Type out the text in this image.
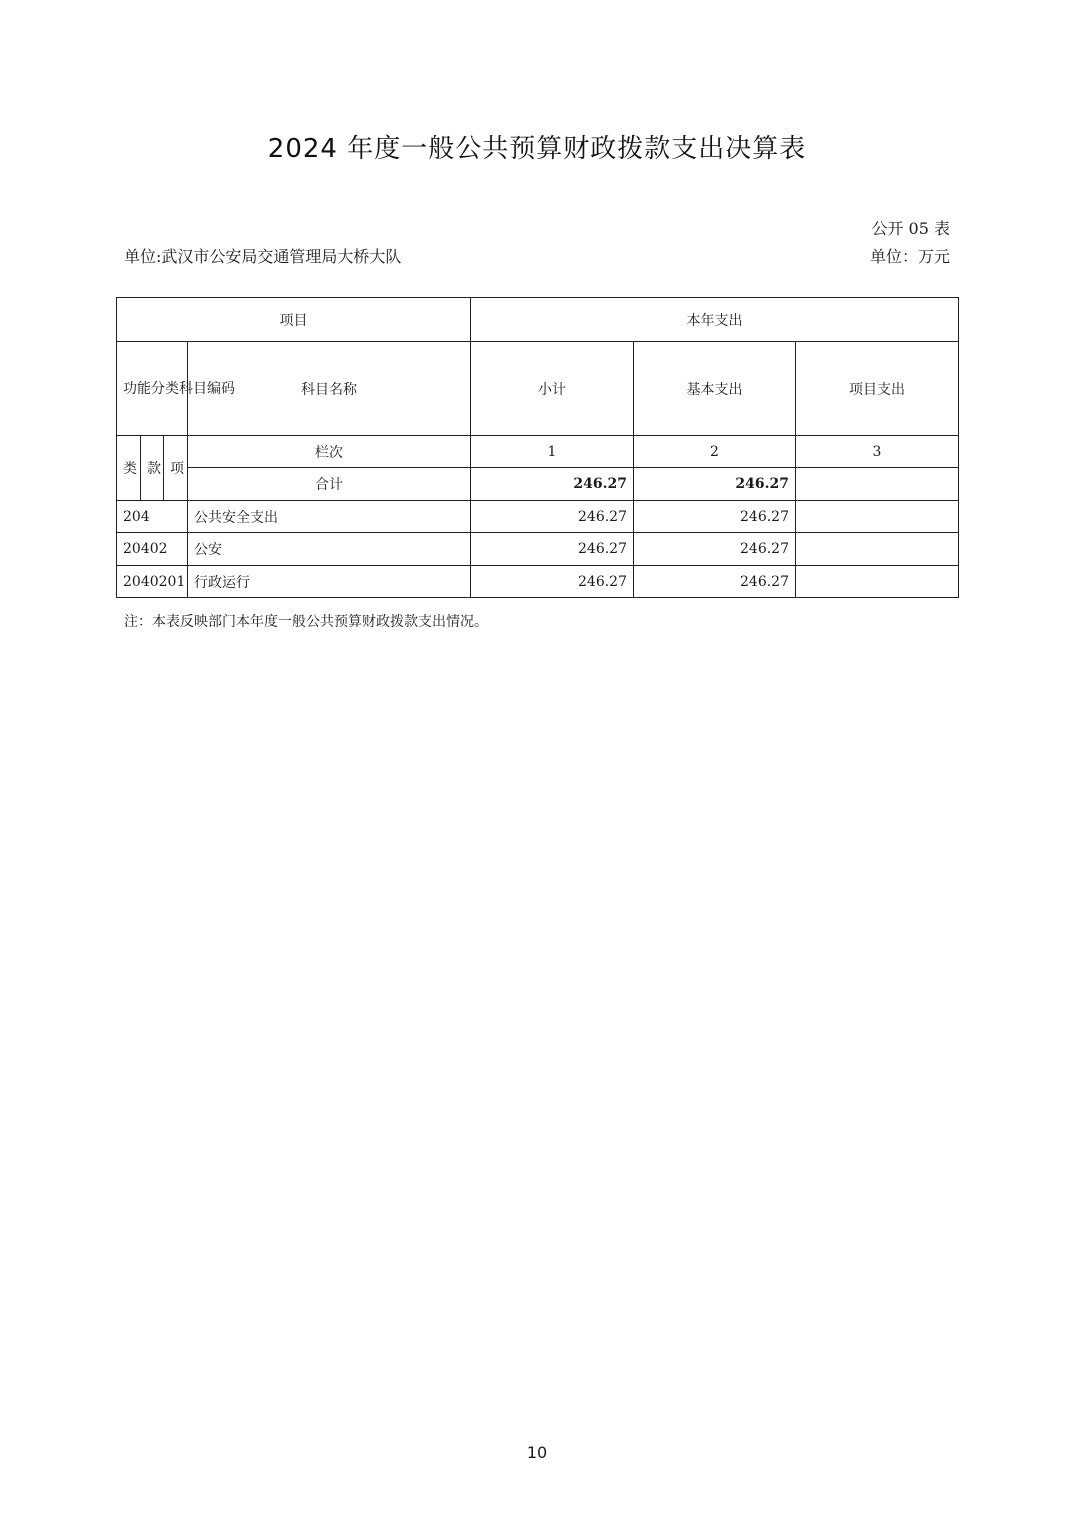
2024 年度一般公共预算财政拨款支出决算表
公开 05 表
单位:武汉市公安局交通管理局大桥大队	单位：万元
项目				本年支出		
功能分类科目编码			科目名称	小计	基本支出	项目支出
类	款	项	栏次	1	2	3
			合计	246.27	246.27	
204			公共安全支出	246.27	246.27	
20402			公安	246.27	246.27	
2040201			行政运行	246.27	246.27	
注：本表反映部门本年度一般公共预算财政拨款支出情况。
10
